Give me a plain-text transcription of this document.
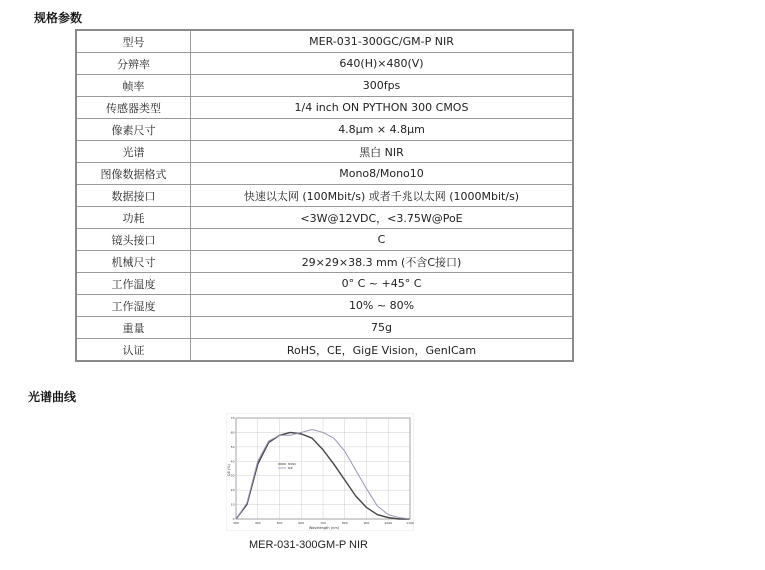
规格参数
型号	MER-031-300GC/GM-P NIR
分辨率	640(H)×480(V)
帧率	300fps
传感器类型	1/4 inch ON PYTHON 300 CMOS
像素尺寸	4.8μm × 4.8μm
光谱	黑白 NIR
图像数据格式	Mono8/Mono10
数据接口	快速以太网 (100Mbit/s) 或者千兆以太网 (1000Mbit/s)
功耗	<3W@12VDC，<3.75W@PoE
镜头接口	C
机械尺寸	29×29×38.3 mm (不含C接口)
工作温度	0° C ~ +45° C
工作湿度	10% ~ 80%
重量	75g
认证	RoHS，CE，GigE Vision，GenICam
光谱曲线
300	400	500	600	700	800	900	1000	1100
0
10
20
30
40
50
60
70
MONO
NIR
QE (%)
Wavelength (nm)
MER-031-300GM-P NIR
